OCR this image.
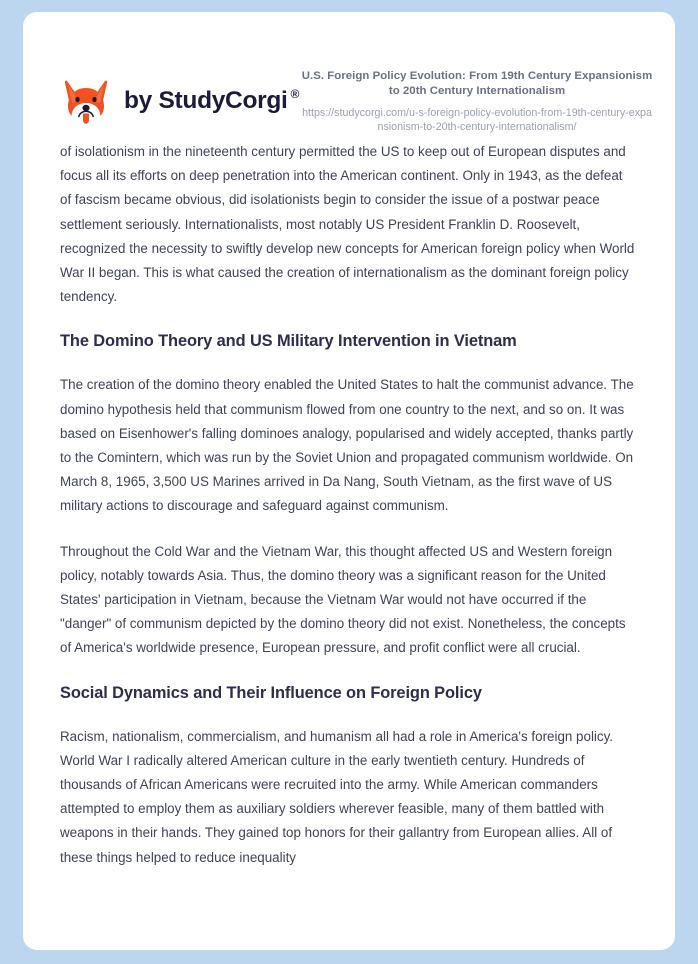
by StudyCorgi ®
U.S. Foreign Policy Evolution: From 19th Century Expansionism to 20th Century Internationalism
https://studycorgi.com/u-s-foreign-policy-evolution-from-19th-century-expansionism-to-20th-century-internationalism/

of isolationism in the nineteenth century permitted the US to keep out of European disputes and focus all its efforts on deep penetration into the American continent. Only in 1943, as the defeat of fascism became obvious, did isolationists begin to consider the issue of a postwar peace settlement seriously. Internationalists, most notably US President Franklin D. Roosevelt, recognized the necessity to swiftly develop new concepts for American foreign policy when World War II began. This is what caused the creation of internationalism as the dominant foreign policy tendency.

The Domino Theory and US Military Intervention in Vietnam

The creation of the domino theory enabled the United States to halt the communist advance. The domino hypothesis held that communism flowed from one country to the next, and so on. It was based on Eisenhower's falling dominoes analogy, popularised and widely accepted, thanks partly to the Comintern, which was run by the Soviet Union and propagated communism worldwide. On March 8, 1965, 3,500 US Marines arrived in Da Nang, South Vietnam, as the first wave of US military actions to discourage and safeguard against communism.

Throughout the Cold War and the Vietnam War, this thought affected US and Western foreign policy, notably towards Asia. Thus, the domino theory was a significant reason for the United States' participation in Vietnam, because the Vietnam War would not have occurred if the "danger" of communism depicted by the domino theory did not exist. Nonetheless, the concepts of America's worldwide presence, European pressure, and profit conflict were all crucial.

Social Dynamics and Their Influence on Foreign Policy

Racism, nationalism, commercialism, and humanism all had a role in America's foreign policy. World War I radically altered American culture in the early twentieth century. Hundreds of thousands of African Americans were recruited into the army. While American commanders attempted to employ them as auxiliary soldiers wherever feasible, many of them battled with weapons in their hands. They gained top honors for their gallantry from European allies. All of these things helped to reduce inequality
